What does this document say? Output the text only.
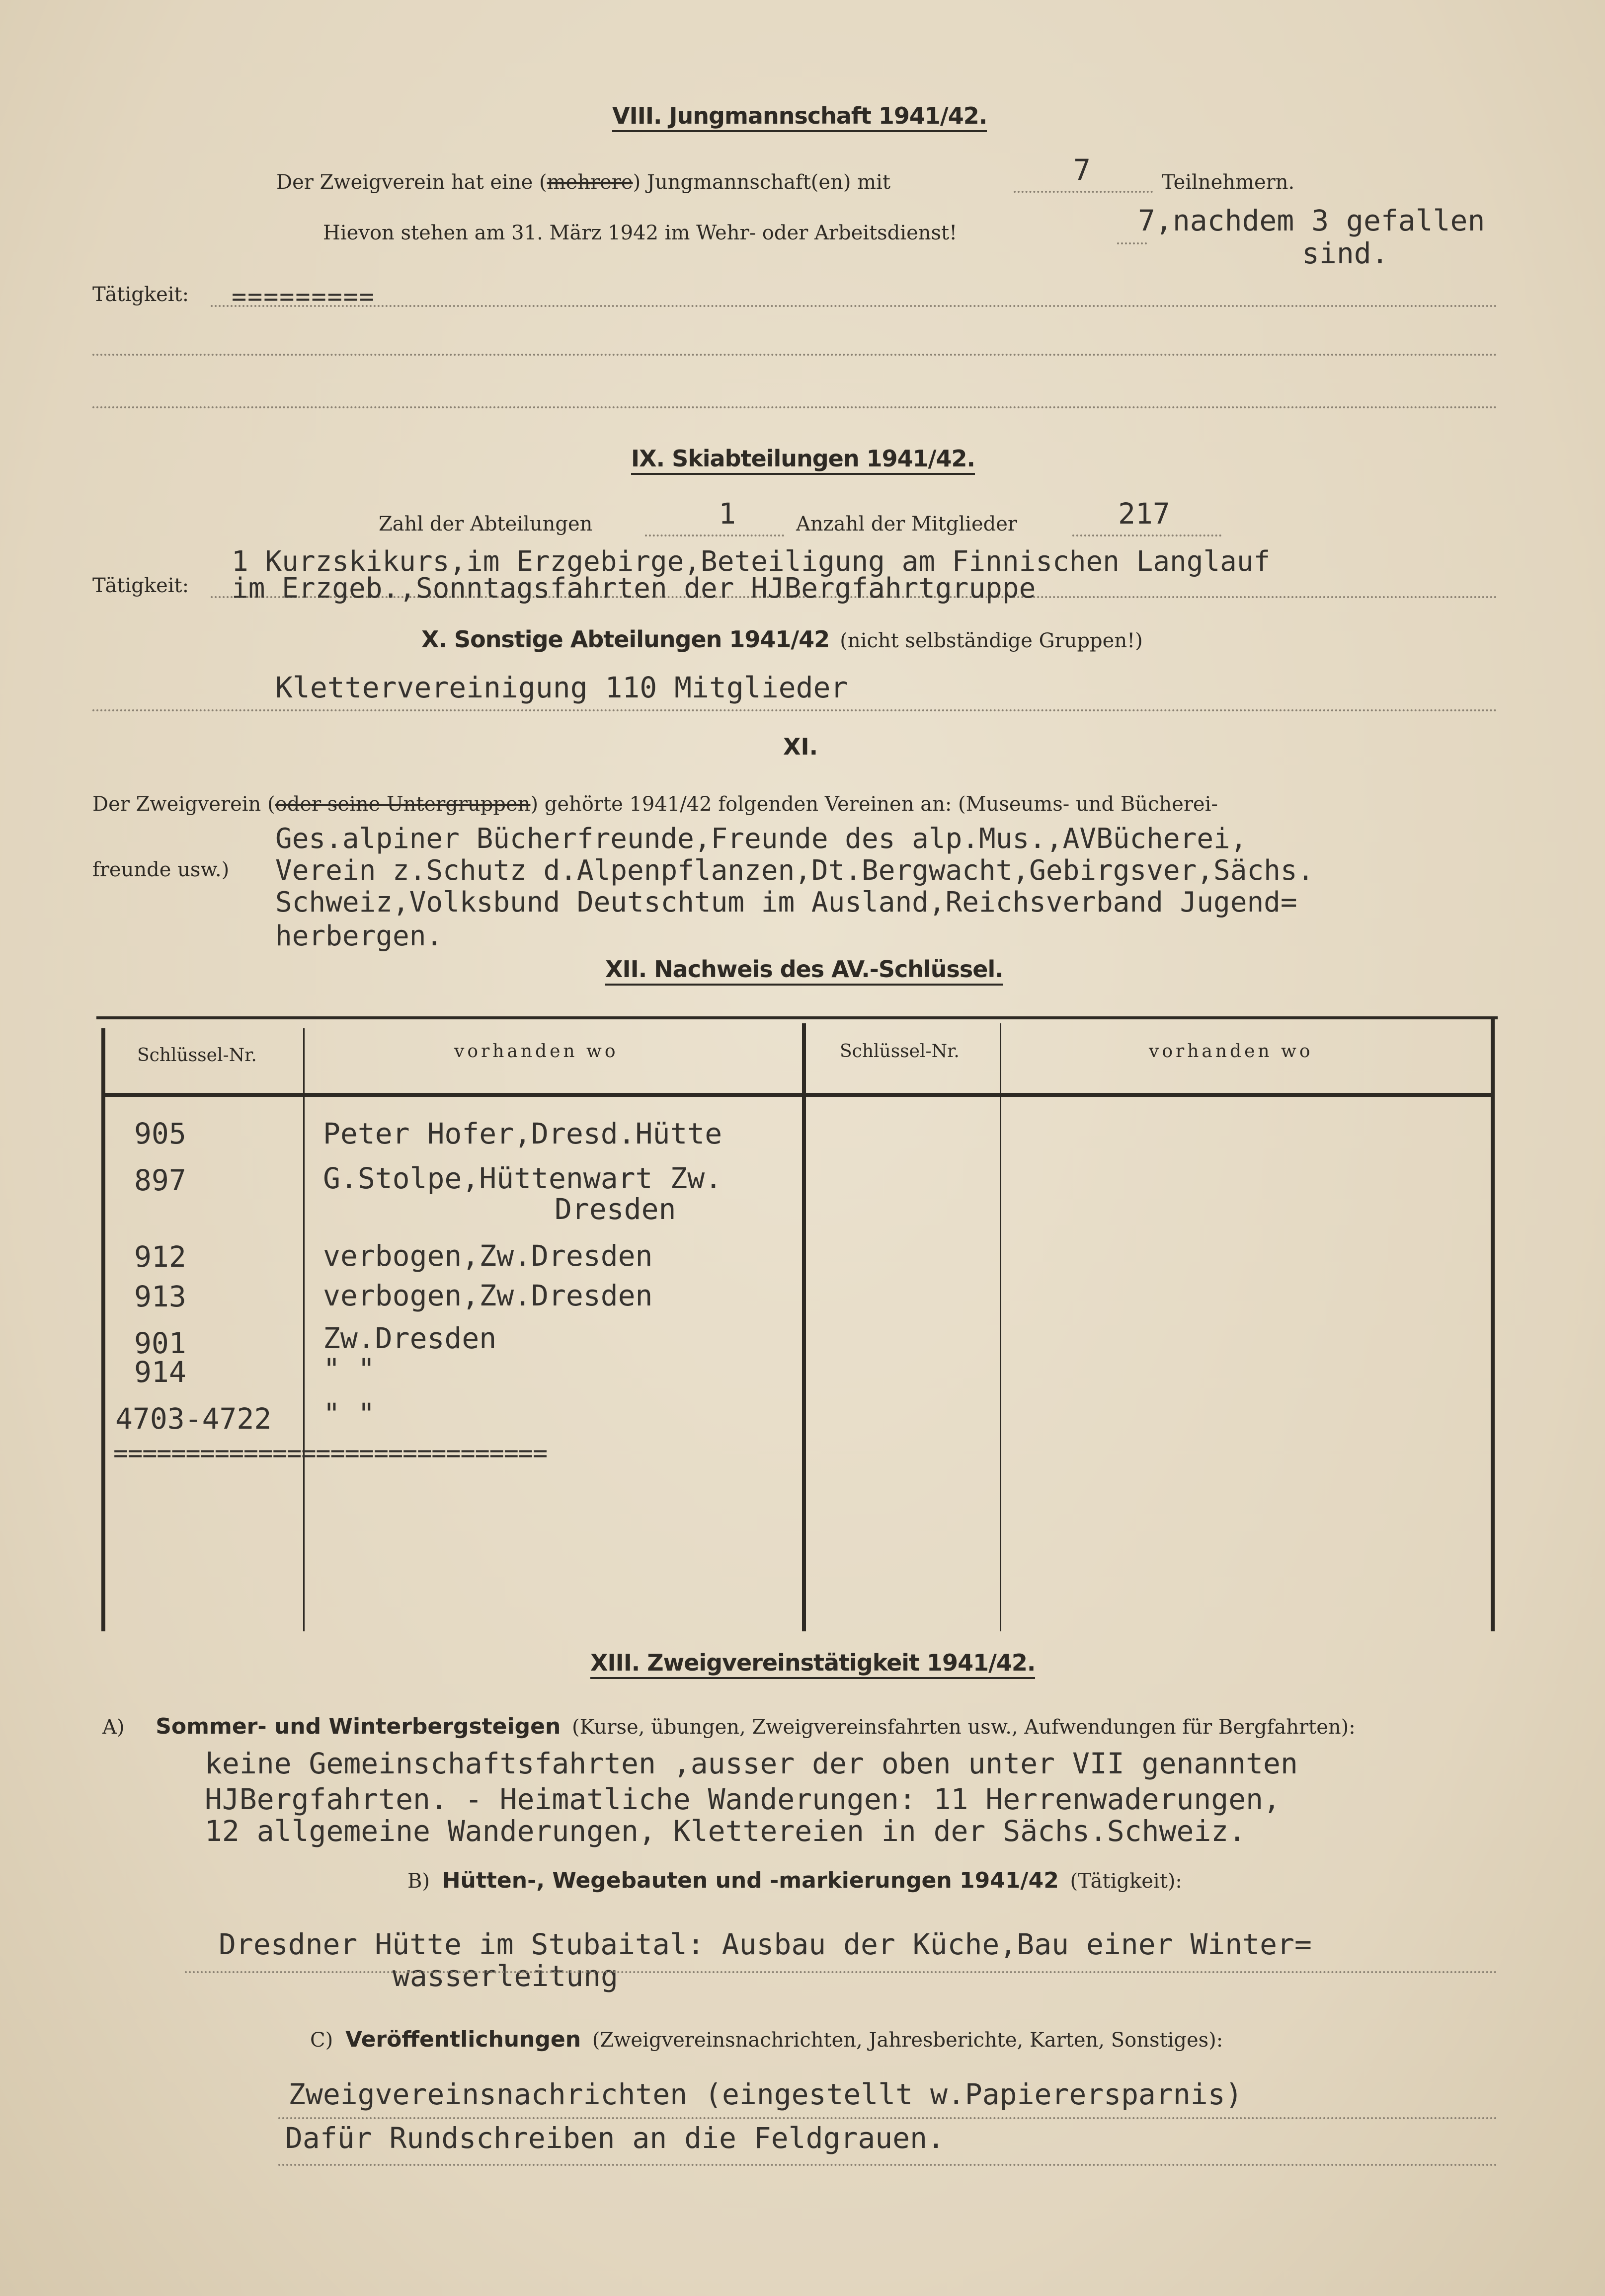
VIII. Jungmannschaft 1941/42.
Der Zweigverein hat eine (mehrere) Jungmannschaft(en) mit	7	Teilnehmern.
Hievon stehen am 31. März 1942 im Wehr- oder Arbeitsdienst!	7,nachdem 3 gefallen
sind.
Tätigkeit: =========
IX. Skiabteilungen 1941/42.
Zahl der Abteilungen	1	Anzahl der Mitglieder	217
Tätigkeit:
1 Kurzskikurs,im Erzgebirge,Beteiligung am Finnischen Langlauf
im Erzgeb.,Sonntagsfahrten der HJBergfahrtgruppe
X. Sonstige Abteilungen 1941/42 (nicht selbständige Gruppen!)
Klettervereinigung 110 Mitglieder
XI.
Der Zweigverein (oder seine Untergruppen) gehörte 1941/42 folgenden Vereinen an: (Museums- und Bücherei-
freunde usw.)
Ges.alpiner Bücherfreunde,Freunde des alp.Mus.,AVBücherei,
Verein z.Schutz d.Alpenpflanzen,Dt.Bergwacht,Gebirgsver,Sächs.
Schweiz,Volksbund Deutschtum im Ausland,Reichsverband Jugend=
herbergen.
XII. Nachweis des AV.-Schlüssel.
Schlüssel-Nr.	vorhanden wo	Schlüssel-Nr.	vorhanden wo
905	Peter Hofer,Dresd.Hütte
897	G.Stolpe,Hüttenwart Zw.
Dresden
912	verbogen,Zw.Dresden
913	verbogen,Zw.Dresden
901	Zw.Dresden
914	" "
4703-4722 " "
==============================
XIII. Zweigvereinstätigkeit 1941/42.
A) Sommer- und Winterbergsteigen (Kurse, übungen, Zweigvereinsfahrten usw., Aufwendungen für Bergfahrten):
keine Gemeinschaftsfahrten ,ausser der oben unter VII genannten
HJBergfahrten. - Heimatliche Wanderungen: 11 Herrenwaderungen,
12 allgemeine Wanderungen, Klettereien in der Sächs.Schweiz.
B) Hütten-, Wegebauten und -markierungen 1941/42 (Tätigkeit):
Dresdner Hütte im Stubaital: Ausbau der Küche,Bau einer Winter=
wasserleitung
C) Veröffentlichungen (Zweigvereinsnachrichten, Jahresberichte, Karten, Sonstiges):
Zweigvereinsnachrichten (eingestellt w.Papierersparnis)
Dafür Rundschreiben an die Feldgrauen.
